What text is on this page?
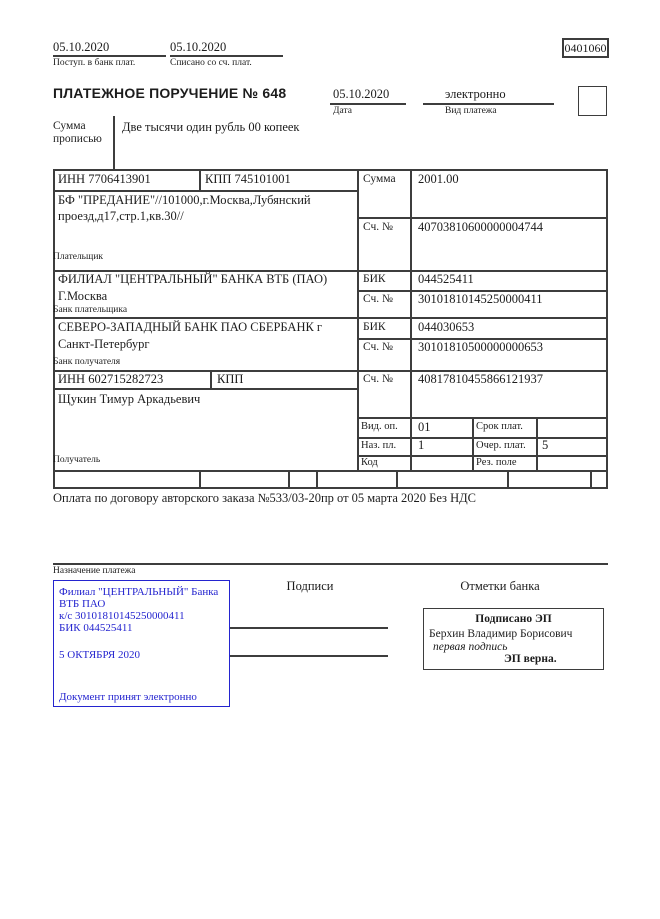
05.10.2020
Поступ. в банк плат.
05.10.2020
Списано со сч. плат.
0401060
ПЛАТЕЖНОЕ ПОРУЧЕНИЕ № 648	05.10.2020
Дата
электронно
Вид платежа
Сумма прописью
Две тысячи один рубль 00 копеек
ИНН 7706413901	КПП 745101001	Сумма 2001.00
БФ "ПРЕДАНИЕ"//101000,г.Москва,Лубянский
проезд,д17,стр.1,кв.30//
Сч. № 40703810600000004744
Плательщик
ФИЛИАЛ "ЦЕНТРАЛЬНЫЙ" БАНКА ВТБ (ПАО)
Г.Москва
БИК	044525411
Сч. № 30101810145250000411
Банк плательщика
СЕВЕРО-ЗАПАДНЫЙ БАНК ПАО СБЕРБАНК г
Санкт-Петербург
БИК	044030653
Сч. № 30101810500000000653
Банк получателя
ИНН 602715282723	КПП	Сч. № 40817810455866121937
Щукин Тимур Аркадьевич
Получатель
Вид. оп. 01	Срок плат.
Наз. пл. 1	Очер. плат. 5
Код	Рез. поле
Оплата по договору авторского заказа №533/03-20пр от 05 марта 2020 Без НДС
Назначение платежа
Подписи	Отметки банка
Филиал "ЦЕНТРАЛЬНЫЙ" Банка
ВТБ ПАО
к/с 30101810145250000411
БИК 044525411
5 ОКТЯБРЯ 2020
Документ принят электронно
Подписано ЭП
Берхин Владимир Борисович
первая подпись
ЭП верна.
